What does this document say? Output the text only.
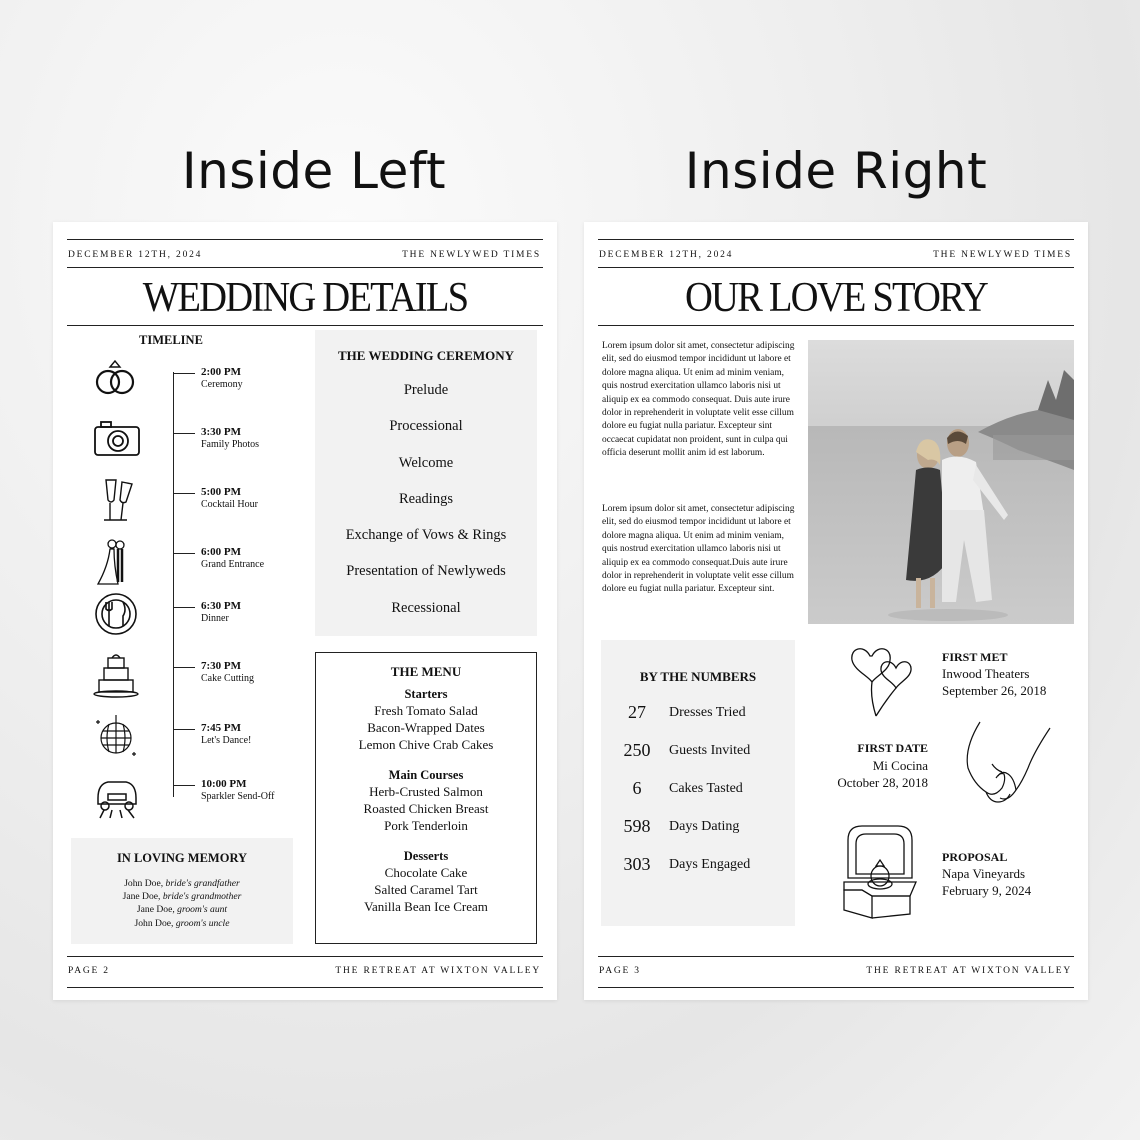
Inside Left	Inside Right
DECEMBER 12TH, 2024	THE NEWLYWED TIMES
WEDDING DETAILS
TIMELINE
2:00 PM
Ceremony
3:30 PM
Family Photos
5:00 PM
Cocktail Hour
6:00 PM
Grand Entrance
6:30 PM
Dinner
7:30 PM
Cake Cutting
7:45 PM
Let's Dance!
10:00 PM
Sparkler Send-Off
THE WEDDING CEREMONY
Prelude
Processional
Welcome
Readings
Exchange of Vows & Rings
Presentation of Newlyweds
Recessional
THE MENU
Starters
Fresh Tomato Salad
Bacon-Wrapped Dates
Lemon Chive Crab Cakes
Main Courses
Herb-Crusted Salmon
Roasted Chicken Breast
Pork Tenderloin
Desserts
Chocolate Cake
Salted Caramel Tart
Vanilla Bean Ice Cream
IN LOVING MEMORY
John Doe, bride's grandfather
Jane Doe, bride's grandmother
Jane Doe, groom's aunt
John Doe, groom's uncle
PAGE 2	THE RETREAT AT WIXTON VALLEY
DECEMBER 12TH, 2024	THE NEWLYWED TIMES
OUR LOVE STORY
Lorem ipsum dolor sit amet, consectetur adipiscing elit, sed do eiusmod tempor incididunt ut labore et dolore magna aliqua. Ut enim ad minim veniam, quis nostrud exercitation ullamco laboris nisi ut aliquip ex ea commodo consequat. Duis aute irure dolor in reprehenderit in voluptate velit esse cillum dolore eu fugiat nulla pariatur. Excepteur sint occaecat cupidatat non proident, sunt in culpa qui officia deserunt mollit anim id est laborum.
Lorem ipsum dolor sit amet, consectetur adipiscing elit, sed do eiusmod tempor incididunt ut labore et dolore magna aliqua. Ut enim ad minim veniam, quis nostrud exercitation ullamco laboris nisi ut aliquip ex ea commodo consequat.Duis aute irure dolor in reprehenderit in voluptate velit esse cillum dolore eu fugiat nulla pariatur. Excepteur sint.
BY THE NUMBERS
27	Dresses Tried
250	Guests Invited
6	Cakes Tasted
598	Days Dating
303	Days Engaged
FIRST MET
Inwood Theaters
September 26, 2018
FIRST DATE
Mi Cocina
October 28, 2018
PROPOSAL
Napa Vineyards
February 9, 2024
PAGE 3	THE RETREAT AT WIXTON VALLEY
